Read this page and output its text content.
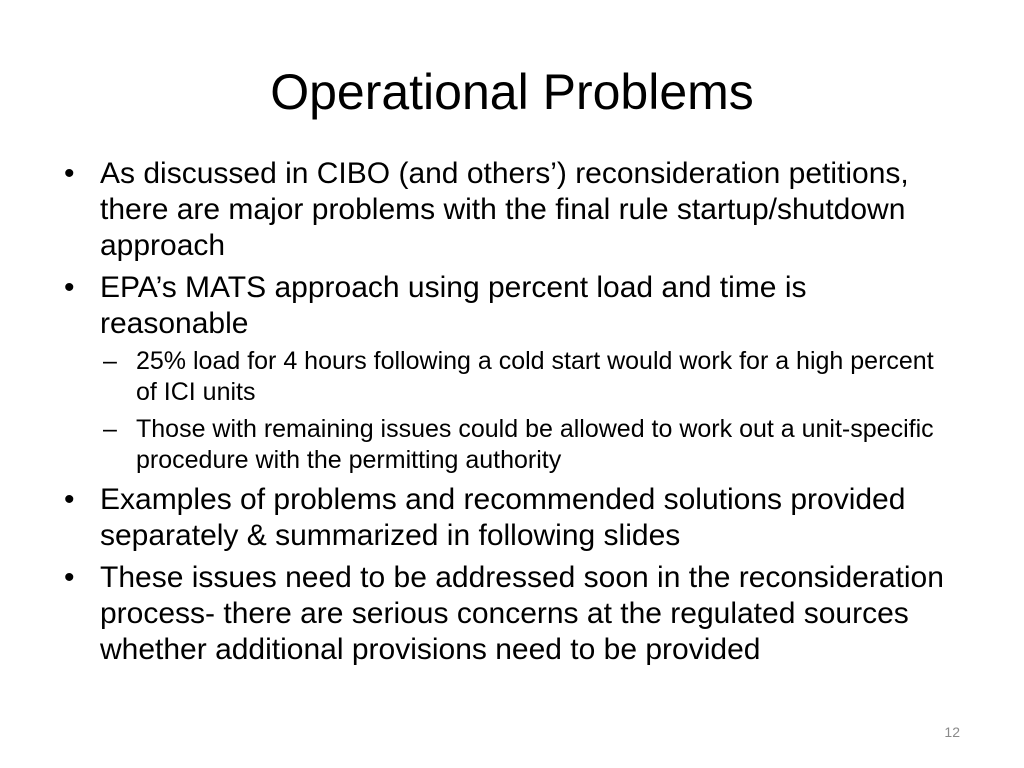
Operational Problems
• As discussed in CIBO (and others’) reconsideration petitions, there are major problems with the final rule startup/shutdown approach
• EPA’s MATS approach using percent load and time is reasonable
– 25% load for 4 hours following a cold start would work for a high percent of ICI units
– Those with remaining issues could be allowed to work out a unit-specific procedure with the permitting authority
• Examples of problems and recommended solutions provided separately & summarized in following slides
• These issues need to be addressed soon in the reconsideration process- there are serious concerns at the regulated sources whether additional provisions need to be provided
12
